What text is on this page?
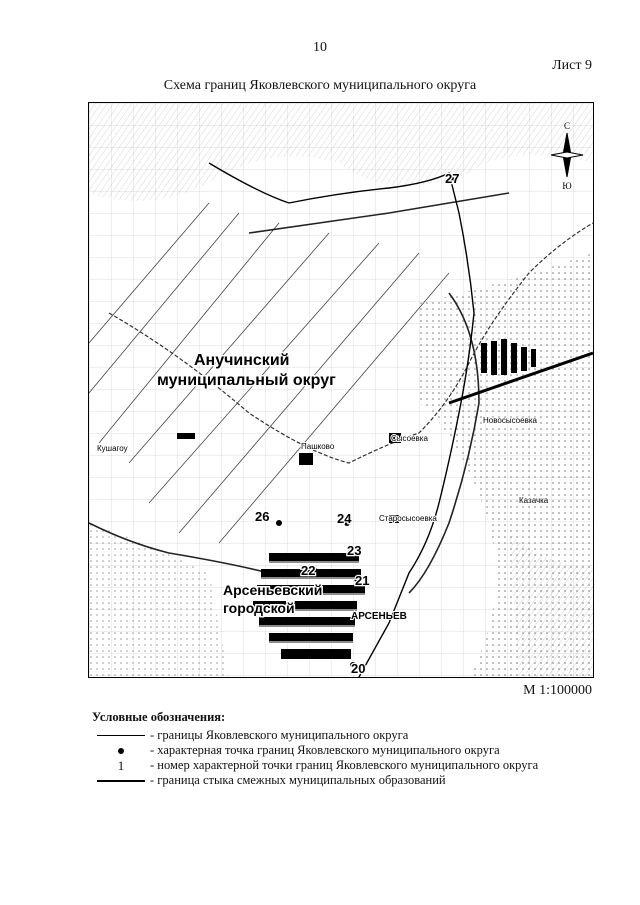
10
Лист 9
Схема границ Яковлевского муниципального округа
С
Ю
Анучинский
муниципальный округ
Арсеньевский
городской
Новосысоевка
Сысоевка
Старосысоевка
Пашково
Казачка
Кушагоу
АРСЕНЬЕВ
27
26	24
23
22
21
20
М 1:100000
Условные обозначения:
- границы Яковлевского муниципального округа
- характерная точка границ Яковлевского муниципального округа
1 - номер характерной точки границ Яковлевского муниципального округа
- граница стыка смежных муниципальных образований
